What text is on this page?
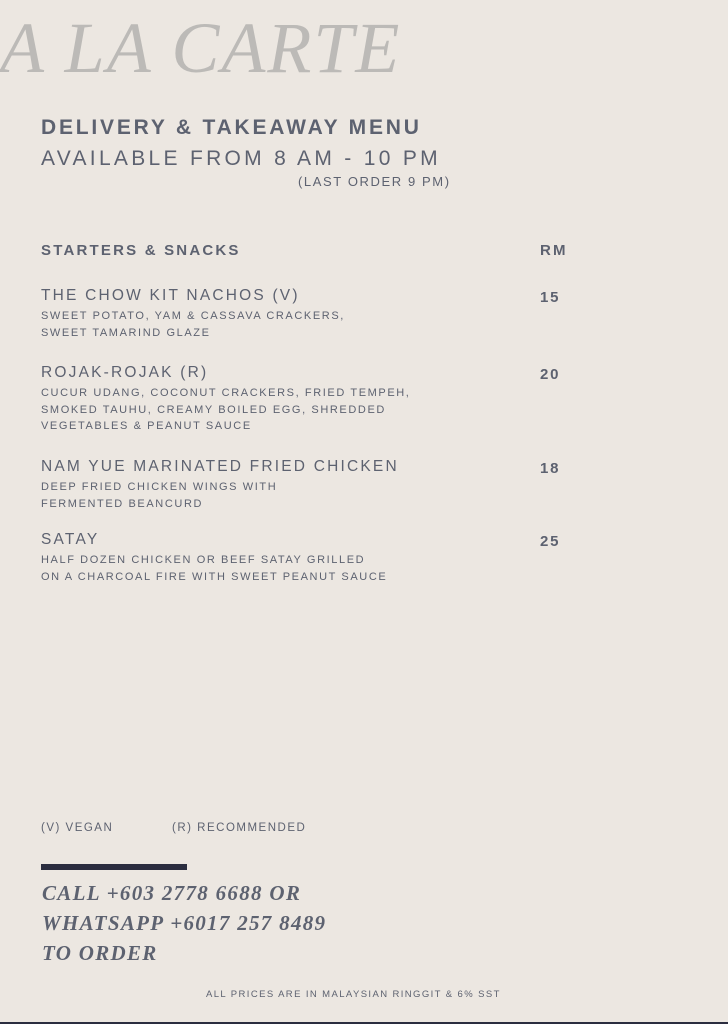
A LA CARTE
DELIVERY & TAKEAWAY MENU
AVAILABLE FROM 8 AM - 10 PM
(LAST ORDER 9 PM)
STARTERS & SNACKS	RM
THE CHOW KIT NACHOS (V)
SWEET POTATO, YAM & CASSAVA CRACKERS,
SWEET TAMARIND GLAZE
15
ROJAK-ROJAK (R)
CUCUR UDANG, COCONUT CRACKERS, FRIED TEMPEH,
SMOKED TAUHU, CREAMY BOILED EGG, SHREDDED
VEGETABLES & PEANUT SAUCE
20
NAM YUE MARINATED FRIED CHICKEN
DEEP FRIED CHICKEN WINGS WITH
FERMENTED BEANCURD
18
SATAY
HALF DOZEN CHICKEN OR BEEF SATAY GRILLED
ON A CHARCOAL FIRE WITH SWEET PEANUT SAUCE
25
(V) VEGAN	(R) RECOMMENDED
CALL +603 2778 6688 OR
WHATSAPP +6017 257 8489
TO ORDER
ALL PRICES ARE IN MALAYSIAN RINGGIT & 6% SST
